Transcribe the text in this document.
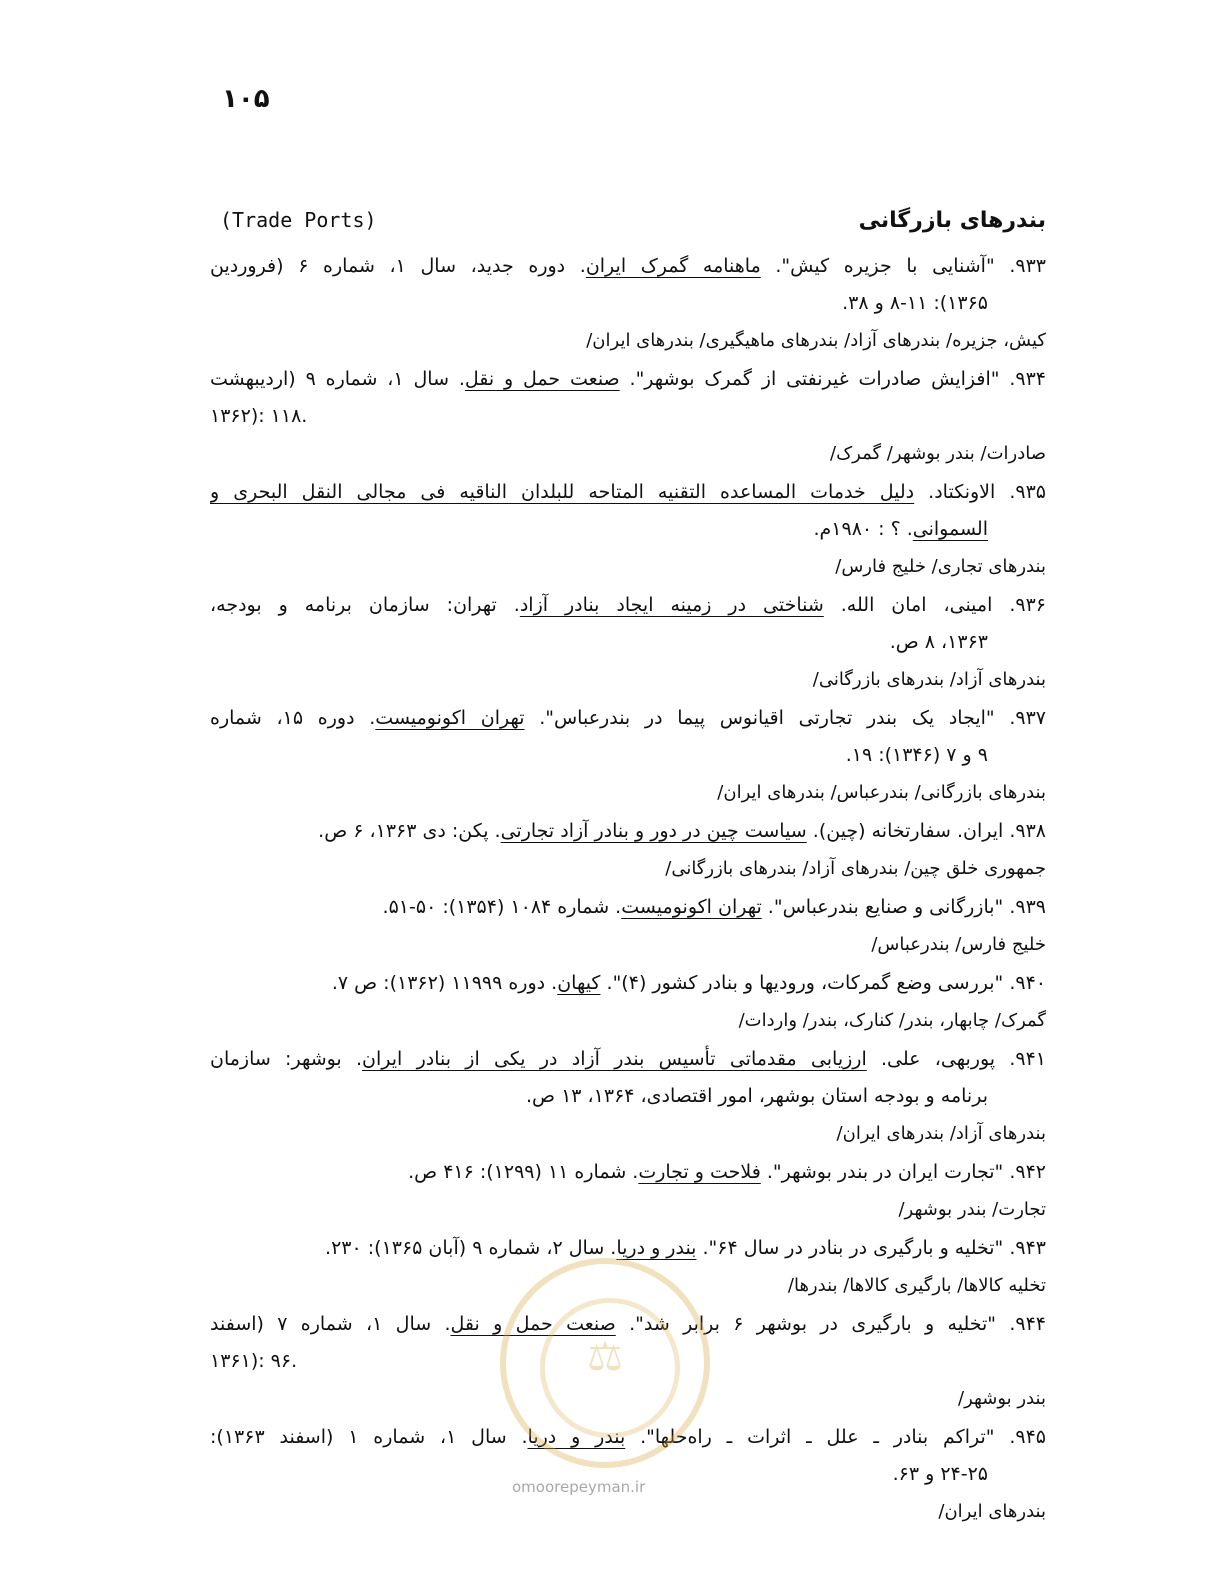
۱۰۵
(Trade Ports)	بندرهای بازرگانی
۹۳۳. "آشنایی با جزیره کیش". ماهنامه گمرک ایران. دوره جدید، سال ۱، شماره ۶ (فروردین
۱۳۶۵): ۸-۱۱ و ۳۸.
کیش، جزیره/ بندرهای آزاد/ بندرهای ماهیگیری/ بندرهای ایران/
۹۳۴. "افزایش صادرات غیرنفتی از گمرک بوشهر". صنعت حمل و نقل. سال ۱، شماره ۹ (اردیبهشت
۱۳۶۲): ۱۱۸.
صادرات/ بندر بوشهر/ گمرک/
۹۳۵. الاونکتاد. دلیل خدمات المساعده التقنیه المتاحه للبلدان الناقیه فی مجالی النقل البحری و
السموانی. ؟ : ۱۹۸۰م.
بندرهای تجاری/ خلیج فارس/
۹۳۶. امینی، امان الله. شناختی در زمینه ایجاد بنادر آزاد. تهران: سازمان برنامه و بودجه،
۱۳۶۳، ۸ ص.
بندرهای آزاد/ بندرهای بازرگانی/
۹۳۷. "ایجاد یک بندر تجارتی اقیانوس پیما در بندرعباس". تهران اکونومیست. دوره ۱۵، شماره
۹ و ۷ (۱۳۴۶): ۱۹.
بندرهای بازرگانی/ بندرعباس/ بندرهای ایران/
۹۳۸. ایران. سفارتخانه (چین). سیاست چین در دور و بنادر آزاد تجارتی. پکن: دی ۱۳۶۳، ۶ ص.
جمهوری خلق چین/ بندرهای آزاد/ بندرهای بازرگانی/
۹۳۹. "بازرگانی و صنایع بندرعباس". تهران اکونومیست. شماره ۱۰۸۴ (۱۳۵۴): ۵۰-۵۱.
خلیج فارس/ بندرعباس/
۹۴۰. "بررسی وضع گمرکات، ورودیها و بنادر کشور (۴)". کیهان. دوره ۱۱۹۹۹ (۱۳۶۲): ص ۷.
گمرک/ چابهار، بندر/ کنارک، بندر/ واردات/
۹۴۱. پوربهی، علی. ارزیابی مقدماتی تأسیس بندر آزاد در یکی از بنادر ایران. بوشهر: سازمان
برنامه و بودجه استان بوشهر، امور اقتصادی، ۱۳۶۴، ۱۳ ص.
بندرهای آزاد/ بندرهای ایران/
۹۴۲. "تجارت ایران در بندر بوشهر". فلاحت و تجارت. شماره ۱۱ (۱۲۹۹): ۴۱۶ ص.
تجارت/ بندر بوشهر/
۹۴۳. "تخلیه و بارگیری در بنادر در سال ۶۴". بندر و دریا. سال ۲، شماره ۹ (آبان ۱۳۶۵): ۲۳۰.
تخلیه کالاها/ بارگیری کالاها/ بندرها/
۹۴۴. "تخلیه و بارگیری در بوشهر ۶ برابر شد". صنعت حمل و نقل. سال ۱، شماره ۷ (اسفند
۱۳۶۱): ۹۶.
بندر بوشهر/
۹۴۵. "تراکم بنادر ـ علل ـ اثرات ـ راه‌حلها". بندر و دریا. سال ۱، شماره ۱ (اسفند ۱۳۶۳):
۲۴-۲۵ و ۶۳.
بندرهای ایران/
⚖
omoorepeyman.ir
